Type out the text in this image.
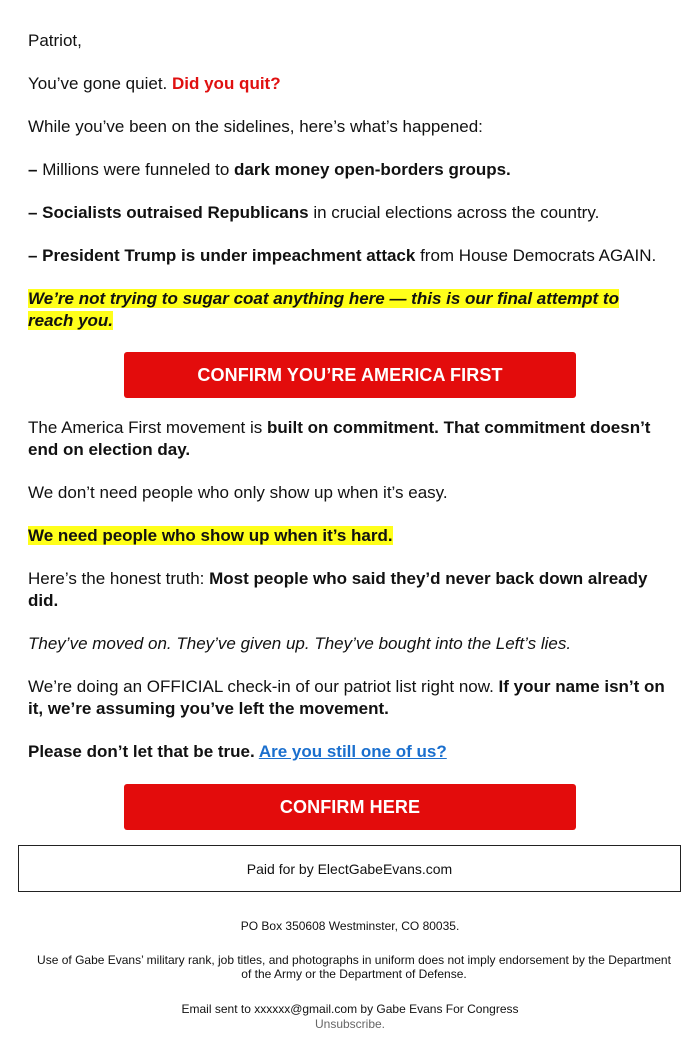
Patriot,

You’ve gone quiet. Did you quit?

While you’ve been on the sidelines, here’s what’s happened:

– Millions were funneled to dark money open-borders groups.

– Socialists outraised Republicans in crucial elections across the country.

– President Trump is under impeachment attack from House Democrats AGAIN.

We’re not trying to sugar coat anything here — this is our final attempt to reach you.

CONFIRM YOU’RE AMERICA FIRST

The America First movement is built on commitment. That commitment doesn’t end on election day.

We don’t need people who only show up when it’s easy.

We need people who show up when it’s hard.

Here’s the honest truth: Most people who said they’d never back down already did.

They’ve moved on. They’ve given up. They’ve bought into the Left’s lies.

We’re doing an OFFICIAL check-in of our patriot list right now. If your name isn’t on it, we’re assuming you’ve left the movement.

Please don’t let that be true. Are you still one of us?

CONFIRM HERE
Paid for by ElectGabeEvans.com

PO Box 350608 Westminster, CO 80035.

Use of Gabe Evans’ military rank, job titles, and photographs in uniform does not imply endorsement by the Department of the Army or the Department of Defense.

Email sent to xxxxxx@gmail.com by Gabe Evans For Congress

Unsubscribe.
